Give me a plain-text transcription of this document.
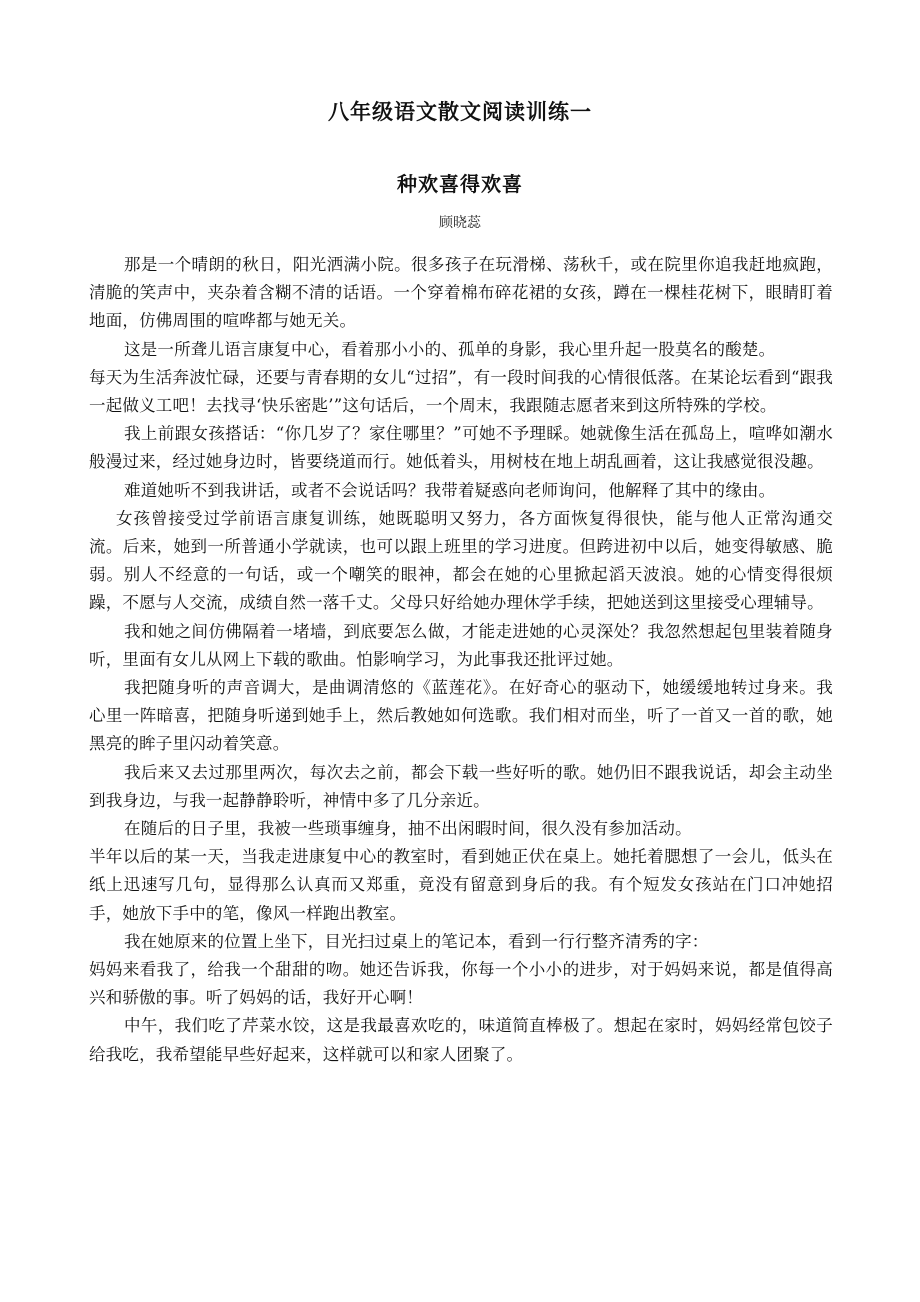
八年级语文散文阅读训练一
种欢喜得欢喜
顾晓蕊

那是一个晴朗的秋日，阳光洒满小院。很多孩子在玩滑梯、荡秋千，或在院里你追我赶地疯跑，清脆的笑声中，夹杂着含糊不清的话语。一个穿着棉布碎花裙的女孩，蹲在一棵桂花树下，眼睛盯着地面，仿佛周围的喧哗都与她无关。

这是一所聋儿语言康复中心，看着那小小的、孤单的身影，我心里升起一股莫名的酸楚。

每天为生活奔波忙碌，还要与青春期的女儿“过招”，有一段时间我的心情很低落。在某论坛看到“跟我一起做义工吧！去找寻‘快乐密匙’”这句话后，一个周末，我跟随志愿者来到这所特殊的学校。

我上前跟女孩搭话：“你几岁了？家住哪里？”可她不予理睬。她就像生活在孤岛上，喧哗如潮水般漫过来，经过她身边时，皆要绕道而行。她低着头，用树枝在地上胡乱画着，这让我感觉很没趣。

难道她听不到我讲话，或者不会说话吗？我带着疑惑向老师询问，他解释了其中的缘由。

女孩曾接受过学前语言康复训练，她既聪明又努力，各方面恢复得很快，能与他人正常沟通交流。后来，她到一所普通小学就读，也可以跟上班里的学习进度。但跨进初中以后，她变得敏感、脆弱。别人不经意的一句话，或一个嘲笑的眼神，都会在她的心里掀起滔天波浪。她的心情变得很烦躁，不愿与人交流，成绩自然一落千丈。父母只好给她办理休学手续，把她送到这里接受心理辅导。

我和她之间仿佛隔着一堵墙，到底要怎么做，才能走进她的心灵深处？我忽然想起包里装着随身听，里面有女儿从网上下载的歌曲。怕影响学习，为此事我还批评过她。

我把随身听的声音调大，是曲调清悠的《蓝莲花》。在好奇心的驱动下，她缓缓地转过身来。我心里一阵暗喜，把随身听递到她手上，然后教她如何选歌。我们相对而坐，听了一首又一首的歌，她黑亮的眸子里闪动着笑意。

我后来又去过那里两次，每次去之前，都会下载一些好听的歌。她仍旧不跟我说话，却会主动坐到我身边，与我一起静静聆听，神情中多了几分亲近。

在随后的日子里，我被一些琐事缠身，抽不出闲暇时间，很久没有参加活动。

半年以后的某一天，当我走进康复中心的教室时，看到她正伏在桌上。她托着腮想了一会儿，低头在纸上迅速写几句，显得那么认真而又郑重，竟没有留意到身后的我。有个短发女孩站在门口冲她招手，她放下手中的笔，像风一样跑出教室。

我在她原来的位置上坐下，目光扫过桌上的笔记本，看到一行行整齐清秀的字：

妈妈来看我了，给我一个甜甜的吻。她还告诉我，你每一个小小的进步，对于妈妈来说，都是值得高兴和骄傲的事。听了妈妈的话，我好开心啊！

中午，我们吃了芹菜水饺，这是我最喜欢吃的，味道简直棒极了。想起在家时，妈妈经常包饺子给我吃，我希望能早些好起来，这样就可以和家人团聚了。
